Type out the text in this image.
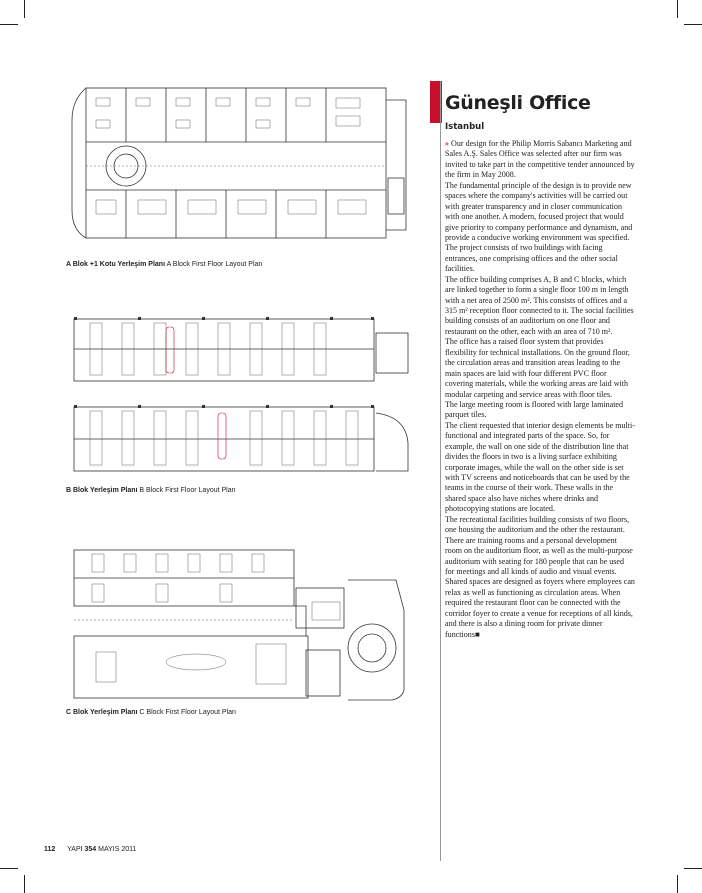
A Blok +1 Kotu Yerleşim Planı A Block First Floor Layout Plan
B Blok Yerleşim Planı B Block First Floor Layout Plan
C Blok Yerleşim Planı C Block First Floor Layout Plan
Güneşli Office
Istanbul

» Our design for the Philip Morris Sabancı Marketing and Sales A.Ş. Sales Office was selected after our firm was invited to take part in the competitive tender announced by the firm in May 2008.

The fundamental principle of the design is to provide new spaces where the company's activities will be carried out with greater transparency and in closer communication with one another. A modern, focused project that would give priority to company performance and dynamism, and provide a conducive working environment was specified.

The project consists of two buildings with facing entrances, one comprising offices and the other social facilities.

The office building comprises A, B and C blocks, which are linked together to form a single floor 100 m in length with a net area of 2500 m². This consists of offices and a 315 m² reception floor connected to it. The social facilities building consists of an auditorium on one floor and restaurant on the other, each with an area of 710 m².

The office has a raised floor system that provides flexibility for technical installations. On the ground floor, the circulation areas and transition areas leading to the main spaces are laid with four different PVC floor covering materials, while the working areas are laid with modular carpeting and service areas with floor tiles.

The large meeting room is floored with large laminated parquet tiles.

The client requested that interior design elements be multi-functional and integrated parts of the space. So, for example, the wall on one side of the distribution line that divides the floors in two is a living surface exhibiting corporate images, while the wall on the other side is set with TV screens and noticeboards that can be used by the teams in the course of their work. These walls in the shared space also have niches where drinks and photocopying stations are located.

The recreational facilities building consists of two floors, one housing the auditorium and the other the restaurant. There are training rooms and a personal development room on the auditorium floor, as well as the multi-purpose auditorium with seating for 180 people that can be used for meetings and all kinds of audio and visual events. Shared spaces are designed as foyers where employees can relax as well as functioning as circulation areas. When required the restaurant floor can be connected with the corridor foyer to create a venue for receptions of all kinds, and there is also a dining room for private dinner functions■

112 YAPI 354 MAYIS 2011
